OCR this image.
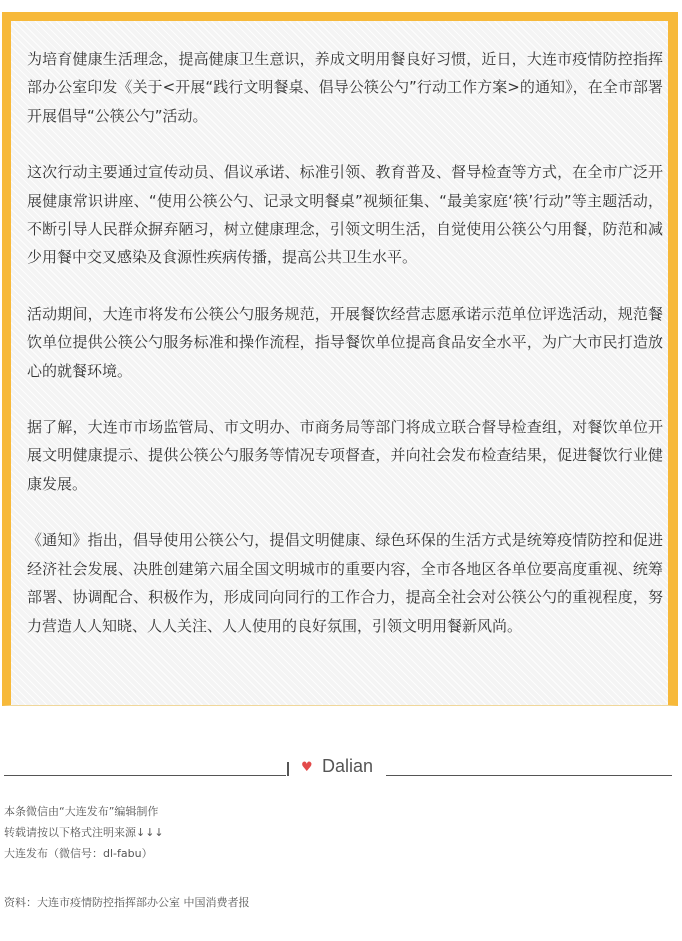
为培育健康生活理念，提高健康卫生意识，养成文明用餐良好习惯，近日，大连市疫情防控指挥部办公室印发《关于<开展“践行文明餐桌、倡导公筷公勺”行动工作方案>的通知》，在全市部署开展倡导“公筷公勺”活动。

这次行动主要通过宣传动员、倡议承诺、标准引领、教育普及、督导检查等方式，在全市广泛开展健康常识讲座、“使用公筷公勺、记录文明餐桌”视频征集、“最美家庭‘筷’行动”等主题活动，不断引导人民群众摒弃陋习，树立健康理念，引领文明生活，自觉使用公筷公勺用餐，防范和减少用餐中交叉感染及食源性疾病传播，提高公共卫生水平。

活动期间，大连市将发布公筷公勺服务规范，开展餐饮经营志愿承诺示范单位评选活动，规范餐饮单位提供公筷公勺服务标准和操作流程，指导餐饮单位提高食品安全水平，为广大市民打造放心的就餐环境。

据了解，大连市市场监管局、市文明办、市商务局等部门将成立联合督导检查组，对餐饮单位开展文明健康提示、提供公筷公勺服务等情况专项督查，并向社会发布检查结果，促进餐饮行业健康发展。

《通知》指出，倡导使用公筷公勺，提倡文明健康、绿色环保的生活方式是统筹疫情防控和促进经济社会发展、决胜创建第六届全国文明城市的重要内容，全市各地区各单位要高度重视、统筹部署、协调配合、积极作为，形成同向同行的工作合力，提高全社会对公筷公勺的重视程度，努力营造人人知晓、人人关注、人人使用的良好氛围，引领文明用餐新风尚。

♥ Dalian

本条微信由“大连发布”编辑制作

转载请按以下格式注明来源↓↓↓

大连发布（微信号：dl-fabu）

资料：大连市疫情防控指挥部办公室 中国消费者报
